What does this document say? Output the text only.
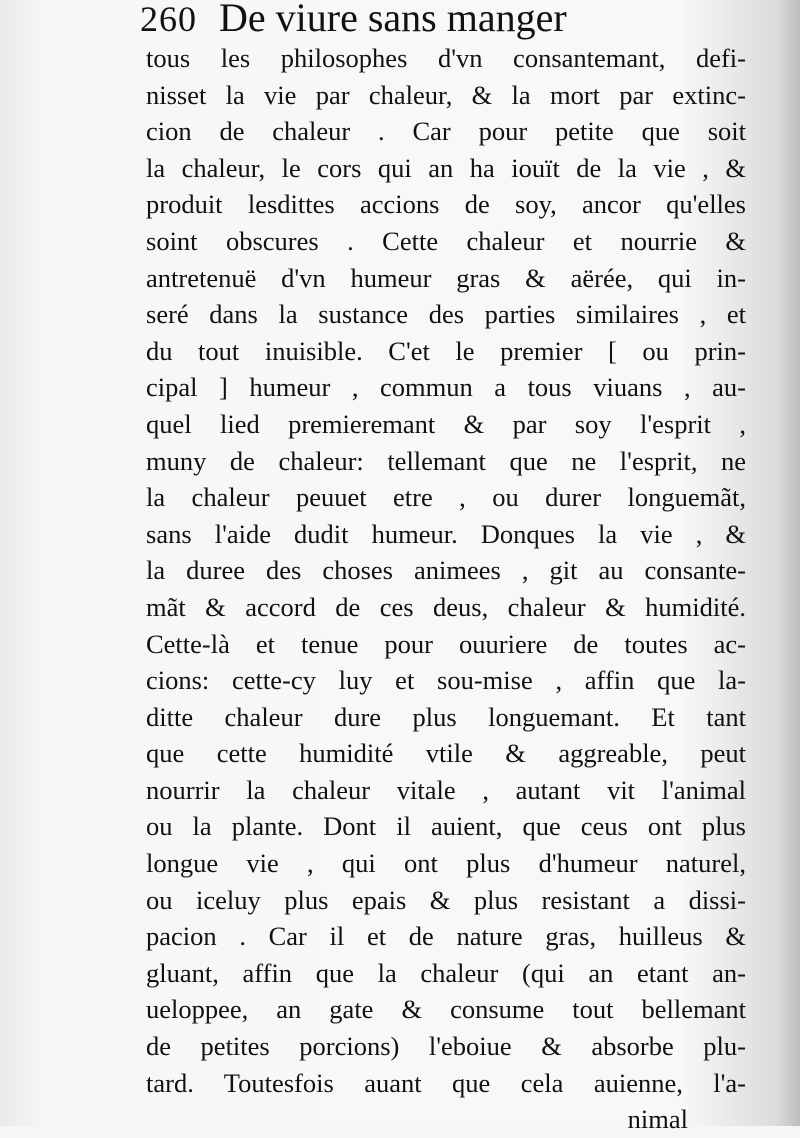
260 De viure sans manger
tous les philosophes d'vn consantemant, defi-
nisset la vie par chaleur, & la mort par extinc-
cion de chaleur . Car pour petite que soit
la chaleur, le cors qui an ha iouït de la vie , &
produit lesdittes accions de soy, ancor qu'elles
soint obscures . Cette chaleur et nourrie &
antretenuë d'vn humeur gras & aërée, qui in-
seré dans la sustance des parties similaires , et
du tout inuisible. C'et le premier [ ou prin-
cipal ] humeur , commun a tous viuans , au-
quel lied premieremant & par soy l'esprit ,
muny de chaleur: tellemant que ne l'esprit, ne
la chaleur peuuet etre , ou durer longuemãt,
sans l'aide dudit humeur. Donques la vie , &
la duree des choses animees , git au consante-
mãt & accord de ces deus, chaleur & humidité.
Cette-là et tenue pour ouuriere de toutes ac-
cions: cette-cy luy et sou-mise , affin que la-
ditte chaleur dure plus longuemant. Et tant
que cette humidité vtile & aggreable, peut
nourrir la chaleur vitale , autant vit l'animal
ou la plante. Dont il auient, que ceus ont plus
longue vie , qui ont plus d'humeur naturel,
ou iceluy plus epais & plus resistant a dissi-
pacion . Car il et de nature gras, huilleus &
gluant, affin que la chaleur (qui an etant an-
ueloppee, an gate & consume tout bellemant
de petites porcions) l'eboiue & absorbe plu-
tard. Toutesfois auant que cela auienne, l'a-
nimal
